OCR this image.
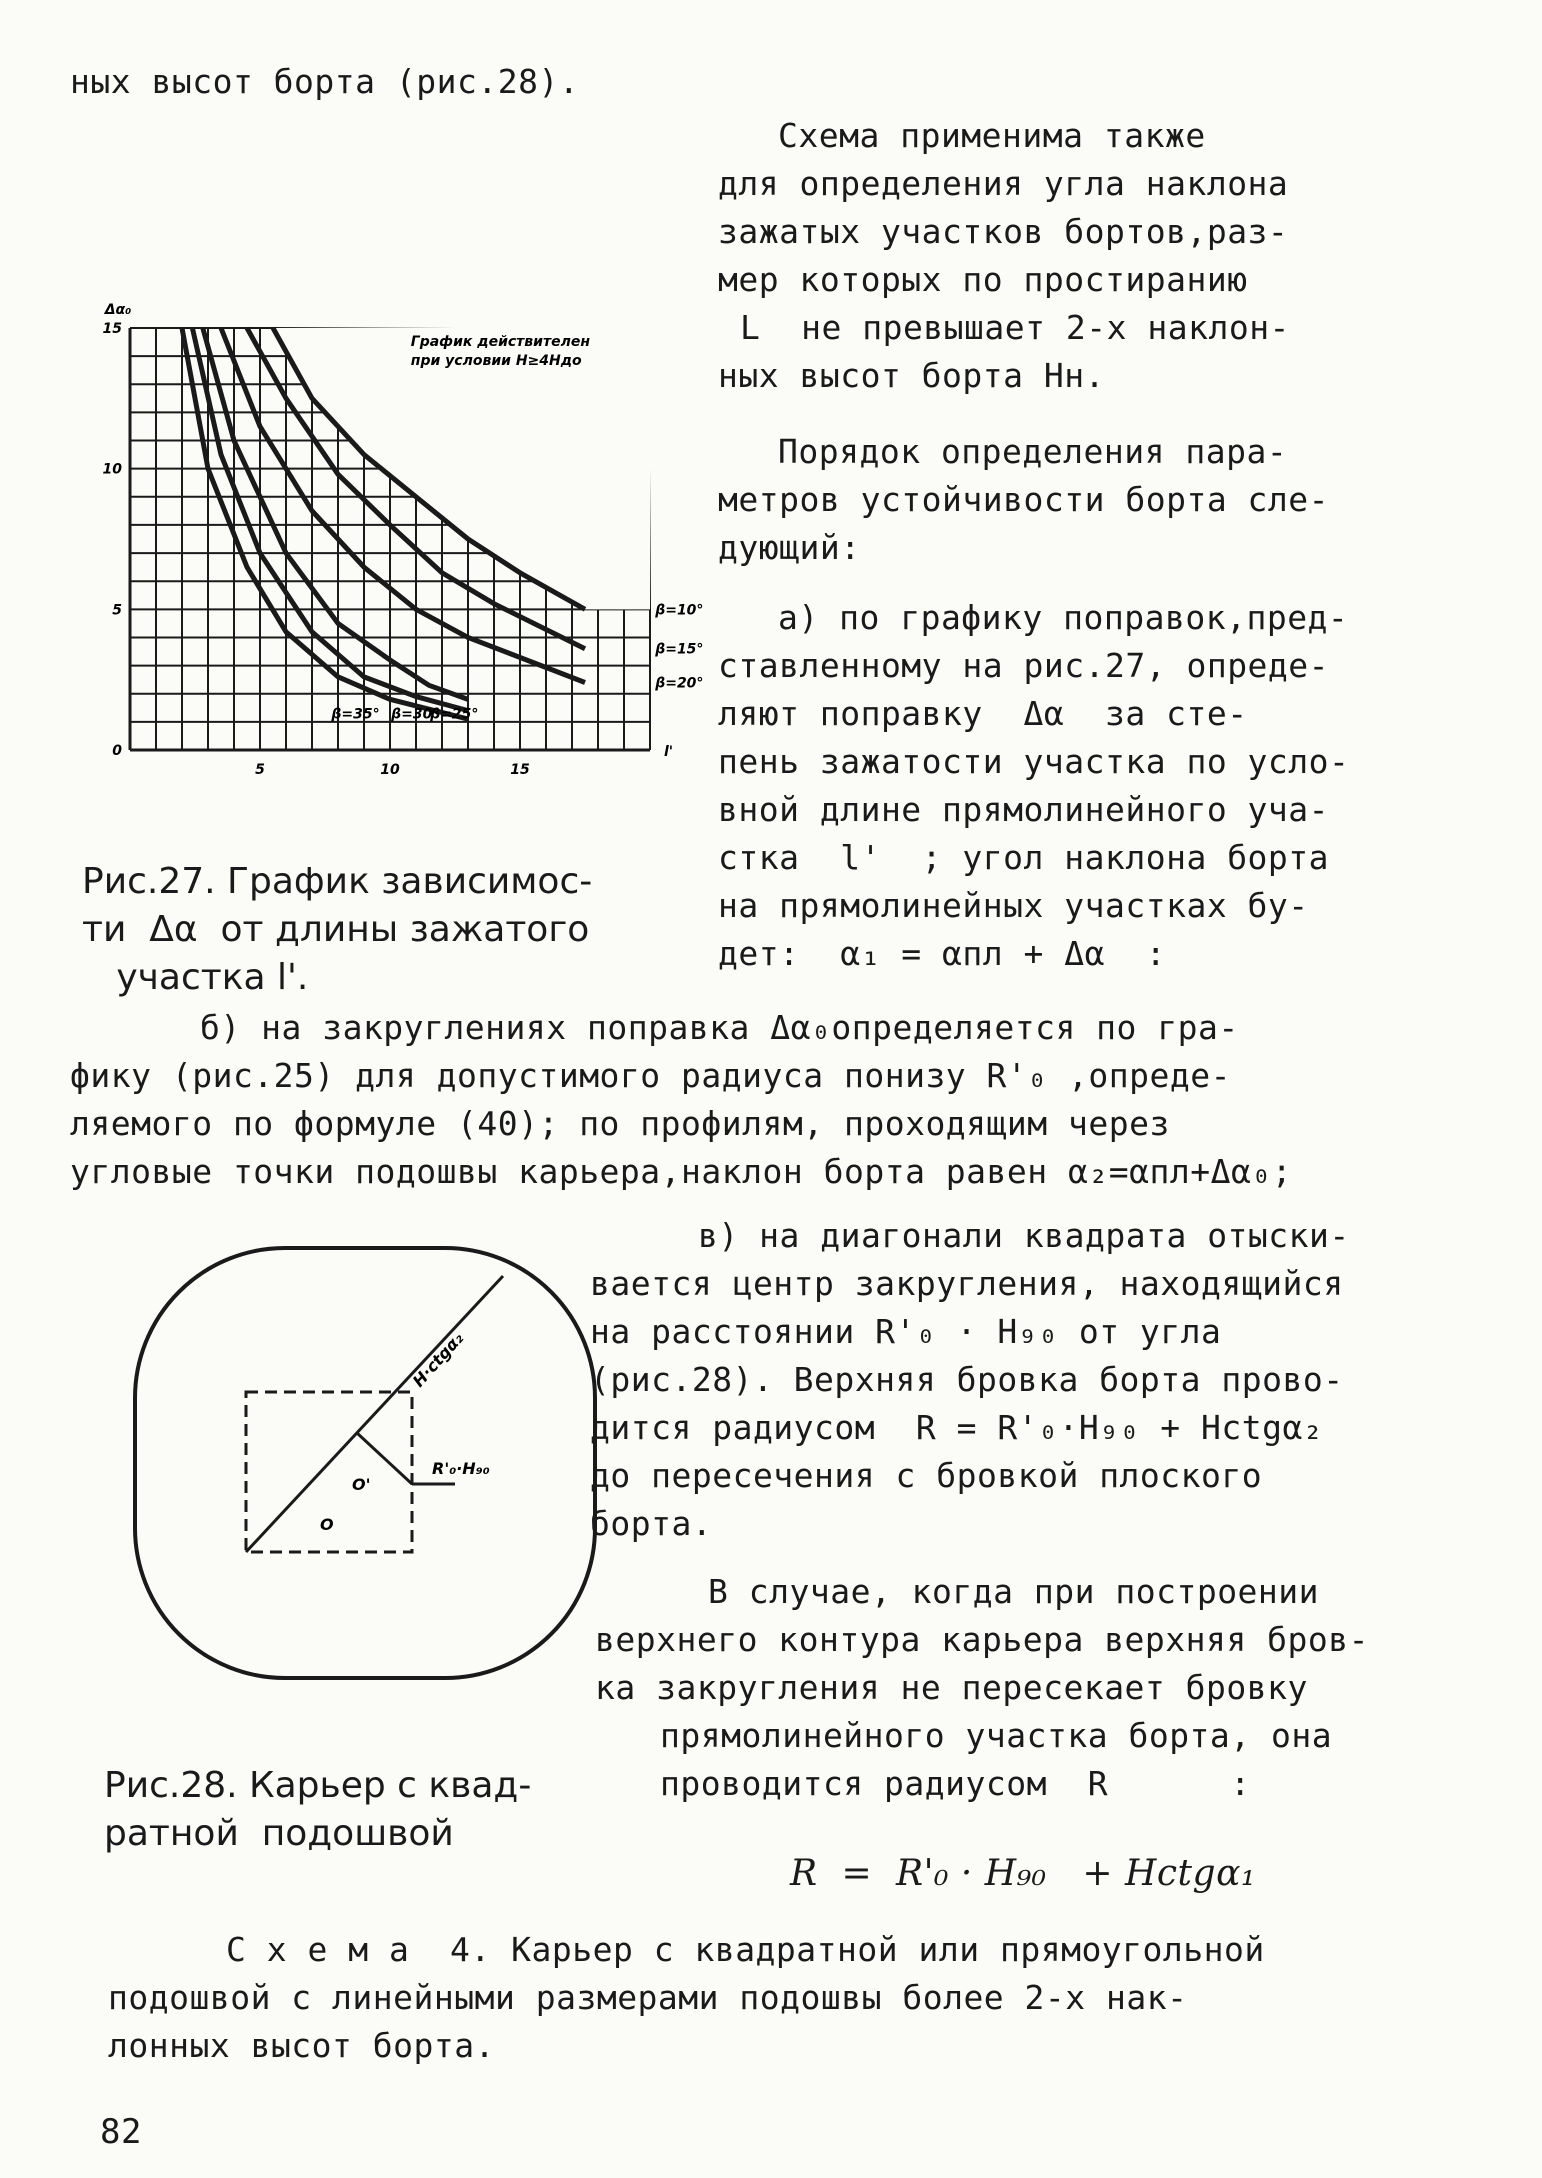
ных высот борта (рис.28).
Схема применима также
для определения угла наклона
зажатых участков бортов,раз-
мер которых по простиранию
L  не превышает 2-х наклон-
ных высот борта Hн.
Порядок определения пара-
метров устойчивости борта сле-
дующий:
а) по графику поправок,пред-
ставленному на рис.27, опреде-
ляют поправку  Δα  за сте-
пень зажатости участка по усло-
вной длине прямолинейного уча-
стка  l'  ; угол наклона борта
на прямолинейных участках бу-
дет:  α₁ = αпл + Δα  :
0
5
10
15
5	10	15
Δα₀
l'
График действителен
при условии H≥4Hдо
β=10°
β=15°
β=20°
β=35° β=30°
β=25°
Рис.27. График зависимос-
ти  Δα  от длины зажатого
участка l'.
б) на закруглениях поправка Δα₀определяется по гра-
фику (рис.25) для допустимого радиуса понизу R'₀ ,опреде-
ляемого по формуле (40); по профилям, проходящим через
угловые точки подошвы карьера,наклон борта равен α₂=αпл+Δα₀;
H·ctgα₂
O'
O
R'₀·H₉₀
в) на диагонали квадрата отыски-
вается центр закругления, находящийся
на расстоянии R'₀ · H₉₀ от угла
(рис.28). Верхняя бровка борта прово-
дится радиусом  R = R'₀·H₉₀ + Hctgα₂
до пересечения с бровкой плоского
борта.
В случае, когда при построении
верхнего контура карьера верхняя бров-
ка закругления не пересекает бровку
прямолинейного участка борта, она
проводится радиусом  R      :
Рис.28. Карьер с квад-
ратной  подошвой
R  =  R'₀ · H₉₀   + Hctgα₁
С х е м а  4. Карьер с квадратной или прямоугольной
подошвой с линейными размерами подошвы более 2-х нак-
лонных высот борта.
82
